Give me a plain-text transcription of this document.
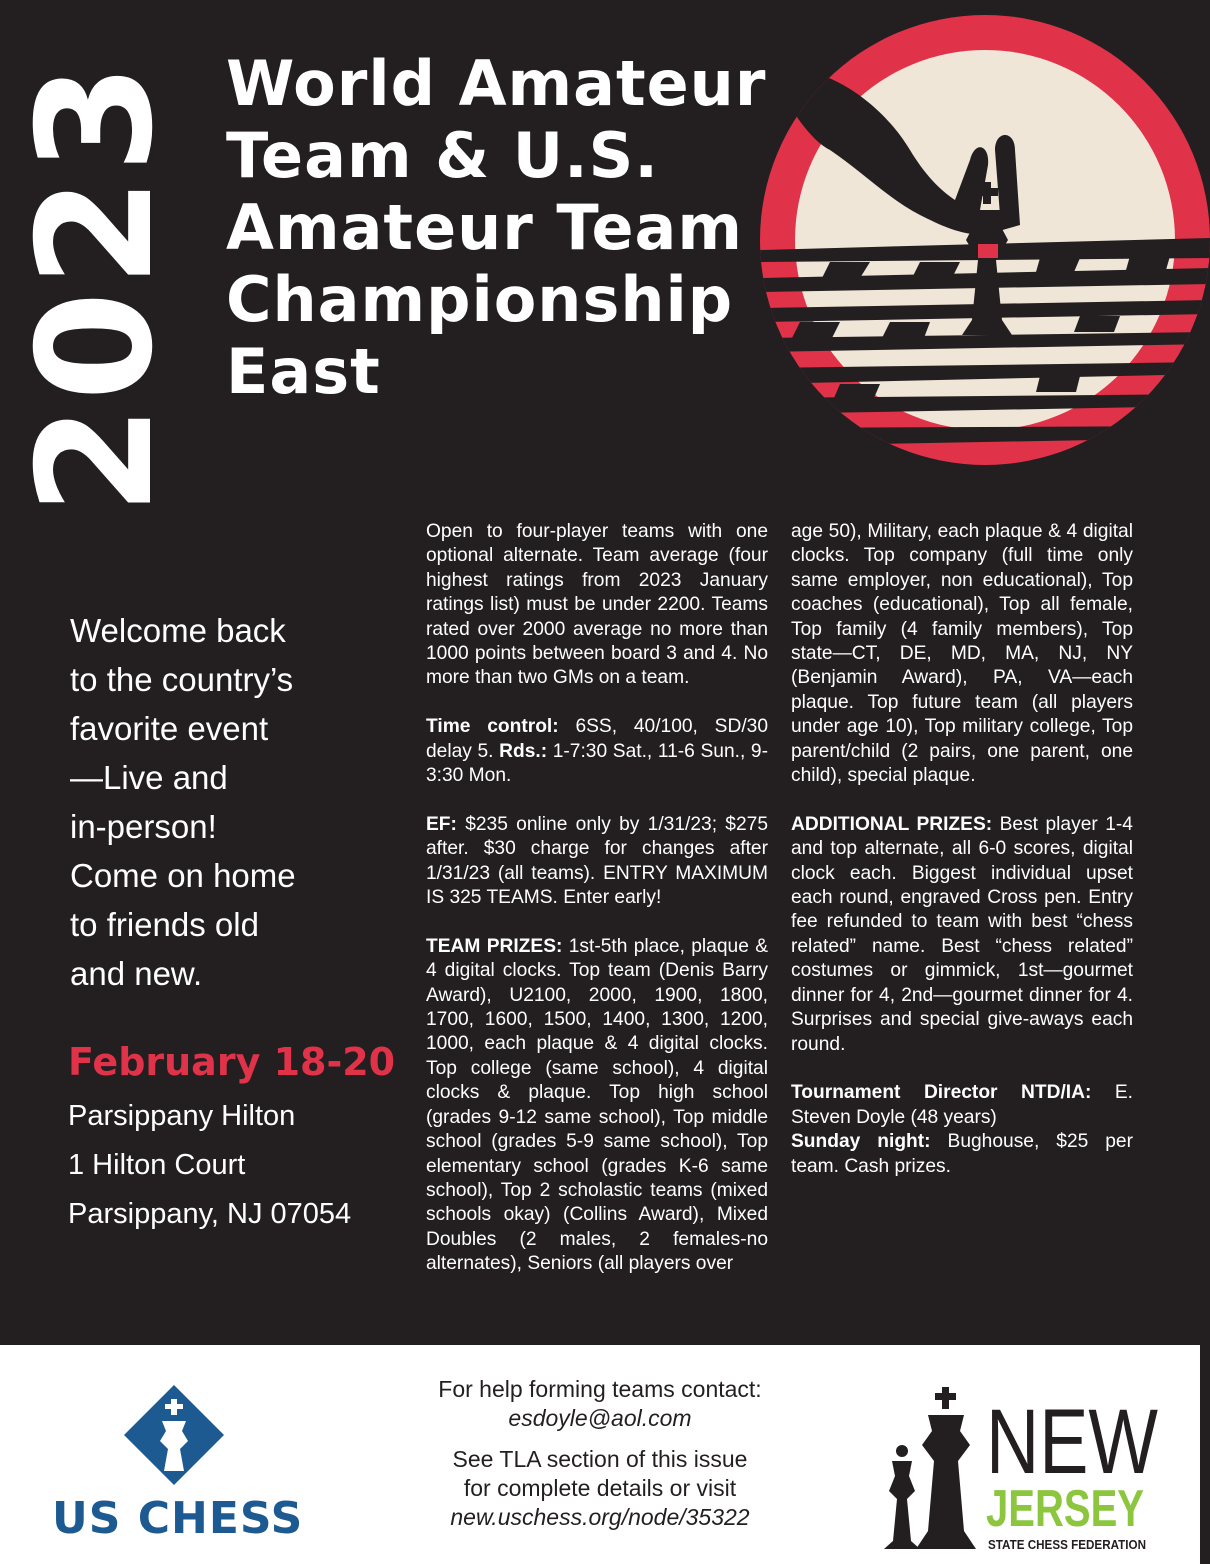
2023 World Amateur
Team & U.S.
Amateur Team
Championship
East
Welcome back
to the country’s
favorite event
—Live and
in-person!
Come on home
to friends old
and new.
February 18-20
Parsippany Hilton
1 Hilton Court
Parsippany, NJ 07054

Open to four-player teams with one optional alternate. Team average (four highest ratings from 2023 January ratings list) must be under 2200. Teams rated over 2000 average no more than 1000 points between board 3 and 4. No more than two GMs on a team.

Time control: 6SS, 40/100, SD/30 delay 5. Rds.: 1-7:30 Sat., 11-6 Sun., 9-3:30 Mon.

EF: $235 online only by 1/31/23; $275 after. $30 charge for changes after 1/31/23 (all teams). ENTRY MAXIMUM IS 325 TEAMS. Enter early!

TEAM PRIZES: 1st-5th place, plaque & 4 digital clocks. Top team (Denis Barry Award), U2100, 2000, 1900, 1800, 1700, 1600, 1500, 1400, 1300, 1200, 1000, each plaque & 4 digital clocks. Top college (same school), 4 digital clocks & plaque. Top high school (grades 9-12 same school), Top middle school (grades 5-9 same school), Top elementary school (grades K-6 same school), Top 2 scholastic teams (mixed schools okay) (Collins Award), Mixed Doubles (2 males, 2 females-no alternates), Seniors (all players over

age 50), Military, each plaque & 4 digital clocks. Top company (full time only same employer, non educational), Top coaches (educational), Top all female, Top family (4 family members), Top state—CT, DE, MD, MA, NJ, NY (Benjamin Award), PA, VA—each plaque. Top future team (all players under age 10), Top military college, Top parent/child (2 pairs, one parent, one child), special plaque.

ADDITIONAL PRIZES: Best player 1-4 and top alternate, all 6-0 scores, digital clock each. Biggest individual upset each round, engraved Cross pen. Entry fee refunded to team with best “chess related” name. Best “chess related” costumes or gimmick, 1st—gourmet dinner for 4, 2nd—gourmet dinner for 4. Surprises and special give-aways each round.

Tournament Director NTD/IA: E. Steven Doyle (48 years)

Sunday night: Bughouse, $25 per team. Cash prizes.

US CHESS
For help forming teams contact:
esdoyle@aol.com
See TLA section of this issue
for complete details or visit
new.uschess.org/node/35322
NEW
JERSEY
STATE CHESS FEDERATION
